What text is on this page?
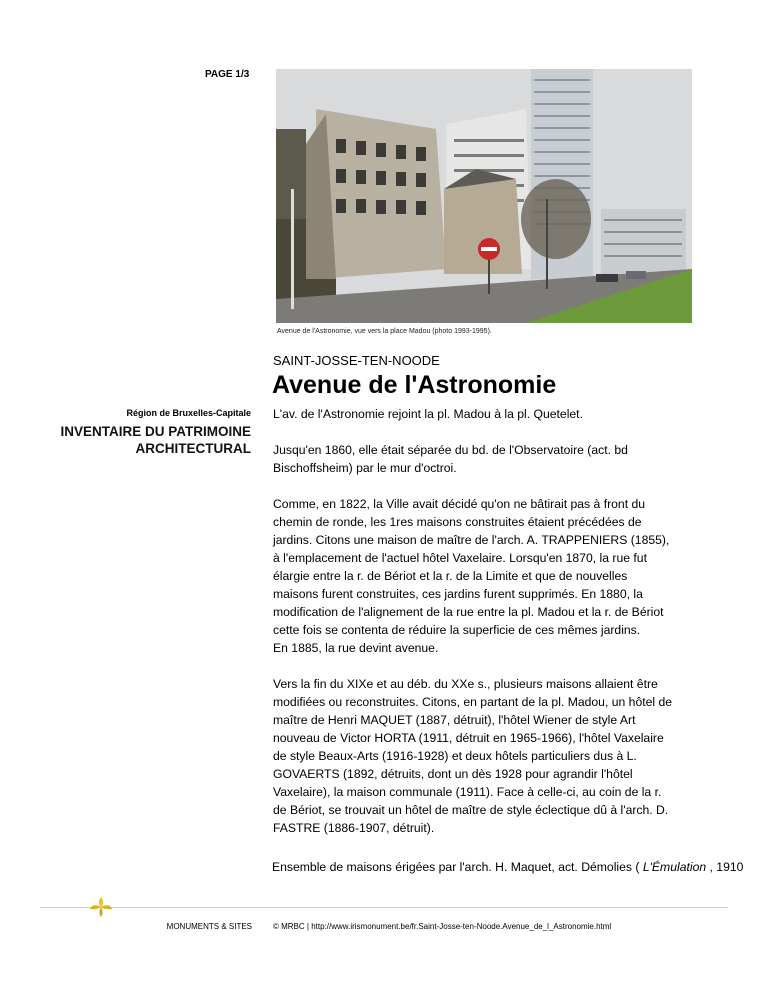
PAGE 1/3
Avenue de l'Astronomie, vue vers la place Madou (photo 1993-1995).
SAINT-JOSSE-TEN-NOODE
Avenue de l'Astronomie
Région de Bruxelles-Capitale
INVENTAIRE DU PATRIMOINE
ARCHITECTURAL

L'av. de l'Astronomie rejoint la pl. Madou à la pl. Quetelet.

Jusqu'en 1860, elle était séparée du bd. de l'Observatoire (act. bd Bischoffsheim) par le mur d'octroi.

Comme, en 1822, la Ville avait décidé qu'on ne bâtirait pas à front du chemin de ronde, les 1res maisons construites étaient précédées de jardins. Citons une maison de maître de l'arch. A. TRAPPENIERS (1855), à l'emplacement de l'actuel hôtel Vaxelaire. Lorsqu'en 1870, la rue fut élargie entre la r. de Bériot et la r. de la Limite et que de nouvelles maisons furent construites, ces jardins furent supprimés. En 1880, la modification de l'alignement de la rue entre la pl. Madou et la r. de Bériot cette fois se contenta de réduire la superficie de ces mêmes jardins.
En 1885, la rue devint avenue.

Vers la fin du XIXe et au déb. du XXe s., plusieurs maisons allaient être modifiées ou reconstruites. Citons, en partant de la pl. Madou, un hôtel de maître de Henri MAQUET (1887, détruit), l'hôtel Wiener de style Art nouveau de Victor HORTA (1911, détruit en 1965-1966), l'hôtel Vaxelaire de style Beaux-Arts (1916-1928) et deux hôtels particuliers dus à L. GOVAERTS (1892, détruits, dont un dès 1928 pour agrandir l'hôtel Vaxelaire), la maison communale (1911). Face à celle-ci, au coin de la r. de Bériot, se trouvait un hôtel de maître de style éclectique dû à l'arch. D. FASTRE (1886-1907, détruit).

Ensemble de maisons érigées par l'arch. H. Maquet, act. Démolies ( L'Émulation , 1910
MONUMENTS & SITES	© MRBC | http://www.irismonument.be/fr.Saint-Josse-ten-Noode.Avenue_de_l_Astronomie.html
